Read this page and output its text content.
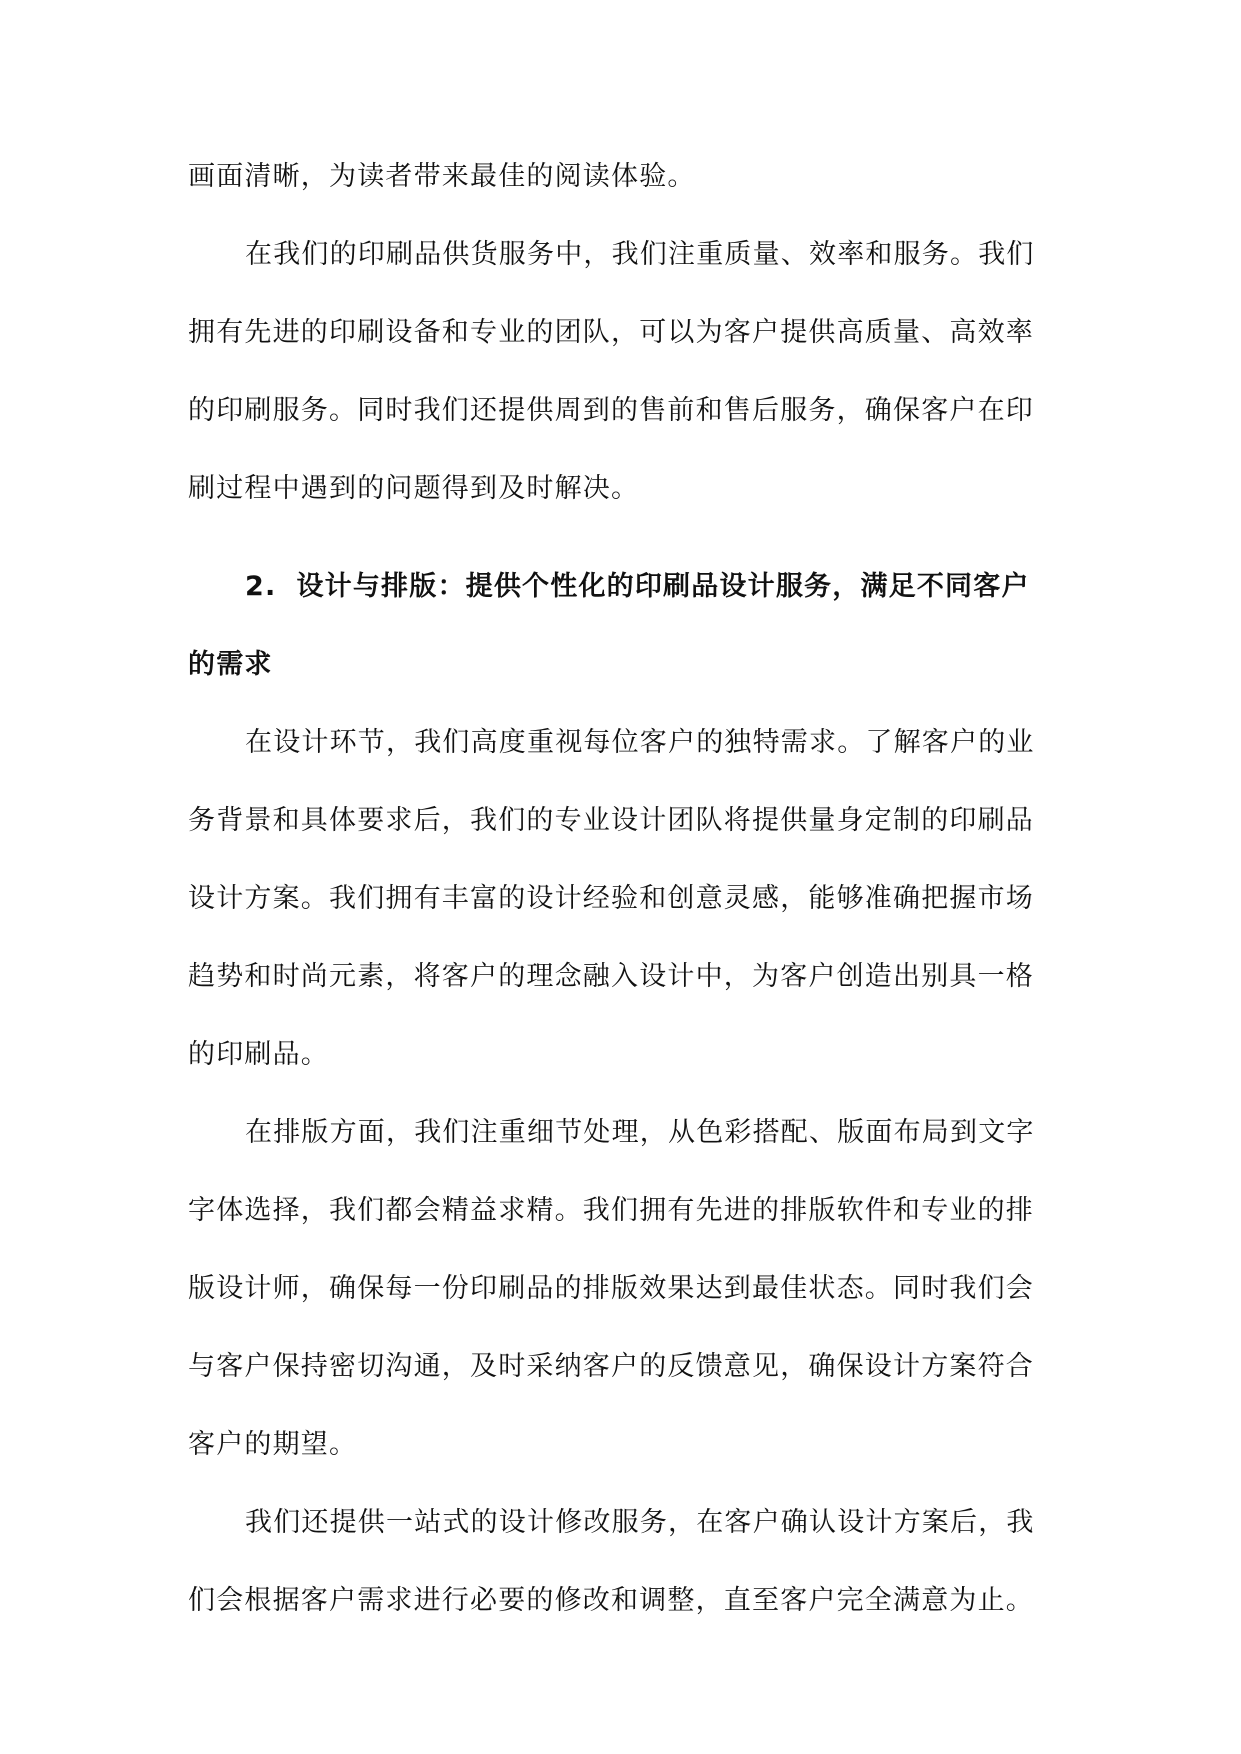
画面清晰，为读者带来最佳的阅读体验。
在我们的印刷品供货服务中，我们注重质量、效率和服务。我们
拥有先进的印刷设备和专业的团队，可以为客户提供高质量、高效率
的印刷服务。同时我们还提供周到的售前和售后服务，确保客户在印
刷过程中遇到的问题得到及时解决。
2. 设计与排版：提供个性化的印刷品设计服务，满足不同客户
的需求
在设计环节，我们高度重视每位客户的独特需求。了解客户的业
务背景和具体要求后，我们的专业设计团队将提供量身定制的印刷品
设计方案。我们拥有丰富的设计经验和创意灵感，能够准确把握市场
趋势和时尚元素，将客户的理念融入设计中，为客户创造出别具一格
的印刷品。
在排版方面，我们注重细节处理，从色彩搭配、版面布局到文字
字体选择，我们都会精益求精。我们拥有先进的排版软件和专业的排
版设计师，确保每一份印刷品的排版效果达到最佳状态。同时我们会
与客户保持密切沟通，及时采纳客户的反馈意见，确保设计方案符合
客户的期望。
我们还提供一站式的设计修改服务，在客户确认设计方案后，我
们会根据客户需求进行必要的修改和调整，直至客户完全满意为止。
